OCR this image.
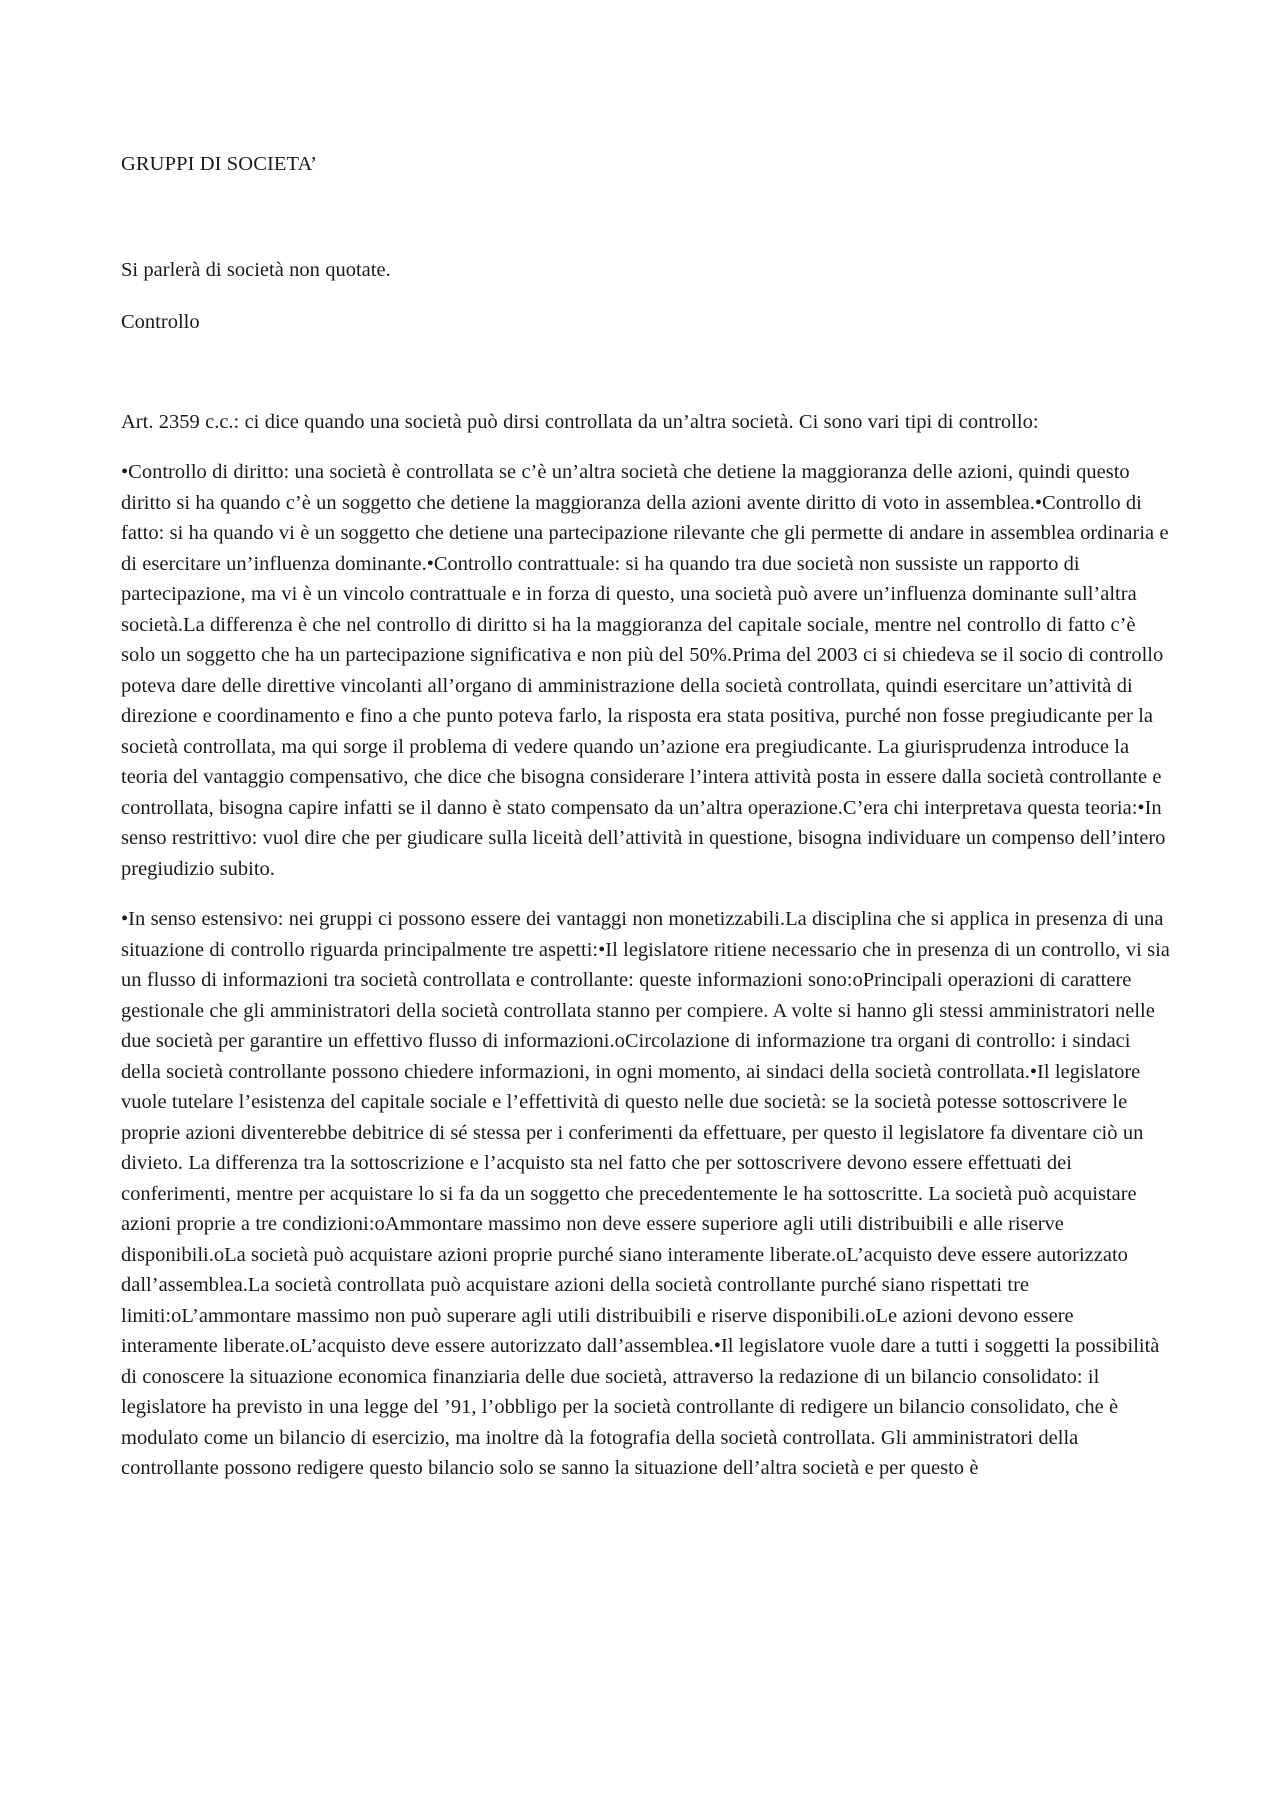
GRUPPI DI SOCIETA’

Si parlerà di società non quotate.

Controllo

Art. 2359 c.c.: ci dice quando una società può dirsi controllata da un’altra società. Ci sono vari tipi di controllo:

•Controllo di diritto: una società è controllata se c’è un’altra società che detiene la maggioranza delle azioni, quindi questo diritto si ha quando c’è un soggetto che detiene la maggioranza della azioni avente diritto di voto in assemblea.•Controllo di fatto: si ha quando vi è un soggetto che detiene una partecipazione rilevante che gli permette di andare in assemblea ordinaria e di esercitare un’influenza dominante.•Controllo contrattuale: si ha quando tra due società non sussiste un rapporto di partecipazione, ma vi è un vincolo contrattuale e in forza di questo, una società può avere un’influenza dominante sull’altra società.La differenza è che nel controllo di diritto si ha la maggioranza del capitale sociale, mentre nel controllo di fatto c’è solo un soggetto che ha un partecipazione significativa e non più del 50%.Prima del 2003 ci si chiedeva se il socio di controllo poteva dare delle direttive vincolanti all’organo di amministrazione della società controllata, quindi esercitare un’attività di direzione e coordinamento e fino a che punto poteva farlo, la risposta era stata positiva, purché non fosse pregiudicante per la società controllata, ma qui sorge il problema di vedere quando un’azione era pregiudicante. La giurisprudenza introduce la teoria del vantaggio compensativo, che dice che bisogna considerare l’intera attività posta in essere dalla società controllante e controllata, bisogna capire infatti se il danno è stato compensato da un’altra operazione.C’era chi interpretava questa teoria:•In senso restrittivo: vuol dire che per giudicare sulla liceità dell’attività in questione, bisogna individuare un compenso dell’intero pregiudizio subito.

•In senso estensivo: nei gruppi ci possono essere dei vantaggi non monetizzabili.La disciplina che si applica in presenza di una situazione di controllo riguarda principalmente tre aspetti:•Il legislatore ritiene necessario che in presenza di un controllo, vi sia un flusso di informazioni tra società controllata e controllante: queste informazioni sono:oPrincipali operazioni di carattere gestionale che gli amministratori della società controllata stanno per compiere. A volte si hanno gli stessi amministratori nelle due società per garantire un effettivo flusso di informazioni.oCircolazione di informazione tra organi di controllo: i sindaci della società controllante possono chiedere informazioni, in ogni momento, ai sindaci della società controllata.•Il legislatore vuole tutelare l’esistenza del capitale sociale e l’effettività di questo nelle due società: se la società potesse sottoscrivere le proprie azioni diventerebbe debitrice di sé stessa per i conferimenti da effettuare, per questo il legislatore fa diventare ciò un divieto. La differenza tra la sottoscrizione e l’acquisto sta nel fatto che per sottoscrivere devono essere effettuati dei conferimenti, mentre per acquistare lo si fa da un soggetto che precedentemente le ha sottoscritte. La società può acquistare azioni proprie a tre condizioni:oAmmontare massimo non deve essere superiore agli utili distribuibili e alle riserve disponibili.oLa società può acquistare azioni proprie purché siano interamente liberate.oL’acquisto deve essere autorizzato dall’assemblea.La società controllata può acquistare azioni della società controllante purché siano rispettati tre limiti:oL’ammontare massimo non può superare agli utili distribuibili e riserve disponibili.oLe azioni devono essere interamente liberate.oL’acquisto deve essere autorizzato dall’assemblea.•Il legislatore vuole dare a tutti i soggetti la possibilità di conoscere la situazione economica finanziaria delle due società, attraverso la redazione di un bilancio consolidato: il legislatore ha previsto in una legge del ’91, l’obbligo per la società controllante di redigere un bilancio consolidato, che è modulato come un bilancio di esercizio, ma inoltre dà la fotografia della società controllata. Gli amministratori della controllante possono redigere questo bilancio solo se sanno la situazione dell’altra società e per questo è
